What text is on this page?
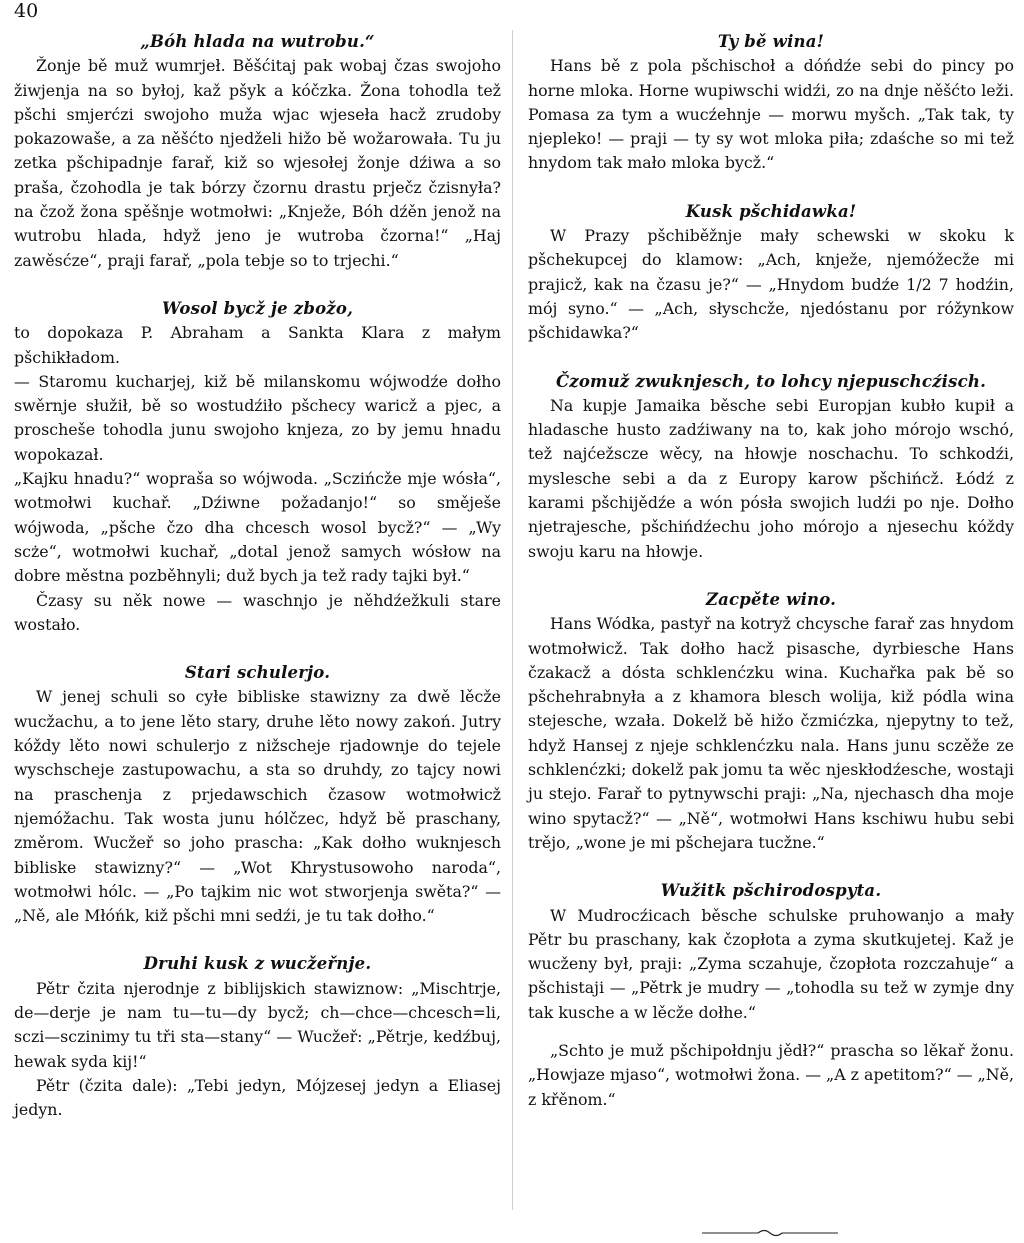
40
„Bóh hlada na wutrobu.“

Žonje bě muž wumrjeł. Běšćitaj pak wobaj čzas swojoho žiwjenja na so byłoj, kaž pšyk a kóčzka. Žona tohodla tež pšchi smjerćzi swojoho muža wjac wjeseła hacž zrudoby pokazowaše, a za něšćto njedželi hižo bě wožarowała. Tu ju zetka pšchipadnje farař, kiž so wjesołej žonje dźiwa a so praša, čzohodla je tak bórzy čzornu drastu prječz čzisnyła? na čzož žona spěšnje wotmołwi: „Knježe, Bóh dźěn jenož na wutrobu hlada, hdyž jeno je wutroba čzorna!“ „Haj zawěsćze“, praji farař, „pola tebje so to trjechi.“

Wosol bycž je zbožo,

to dopokaza P. Abraham a Sankta Klara z małym pšchikładom.

— Staromu kucharjej, kiž bě milanskomu wójwodźe dołho swěrnje słužił, bě so wostudźiło pšchecy waricž a pjec, a proscheše tohodla junu swojoho knjeza, zo by jemu hnadu wopokazał.

„Kajku hnadu?“ wopraša so wójwoda. „Sczińcže mje wósła“, wotmołwi kuchař. „Dźiwne požadanjo!“ so směješe wójwoda, „pšche čzo dha chcesch wosol bycž?“ — „Wy scże“, wotmołwi kuchař, „dotal jenož samych wósłow na dobre městna pozběhnyli; duž bych ja tež rady tajki był.“

Čzasy su něk nowe — waschnjo je něhdźežkuli stare wostało.

Stari schulerjo.

W jenej schuli so cyłe bibliske stawizny za dwě lěcže wucžachu, a to jene lěto stary, druhe lěto nowy zakoń. Jutry kóždy lěto nowi schulerjo z nižscheje rjadownje do tejele wyschscheje zastupowachu, a sta so druhdy, zo tajcy nowi na praschenja z prjedawschich čzasow wotmołwicž njemóžachu. Tak wosta junu hólčzec, hdyž bě praschany, změrom. Wucžeř so joho prascha: „Kak dołho wuknjesch bibliske stawizny?“ — „Wot Khrystusowoho naroda“, wotmołwi hólc. — „Po tajkim nic wot stworjenja swěta?“ — „Ně, ale Młóńk, kiž pšchi mni sedźi, je tu tak dołho.“

Druhi kusk z wucžeřnje.

Pětr čzita njerodnje z biblijskich stawiznow: „Mischtrje, de—derje je nam tu—tu—dy bycž; ch—chce—chcesch=li, sczi—sczinimy tu tři sta—stany“ — Wucžeř: „Pětrje, kedźbuj, hewak syda kij!“

Pětr (čzita dale): „Tebi jedyn, Mójzesej jedyn a Eliasej jedyn.

Ty bě wina!

Hans bě z pola pšchischoł a dóńdźe sebi do pincy po horne mloka. Horne wupiwschi widźi, zo na dnje něšćto leži. Pomasa za tym a wucźehnje — morwu myšch. „Tak tak, ty njepleko! — praji — ty sy wot mloka piła; zdaśche so mi tež hnydom tak mało mloka bycž.“

Kusk pšchidawka!

W Prazy pšchiběžnje mały schewski w skoku k pšchekupcej do klamow: „Ach, knježe, njemóžecže mi prajicž, kak na čzasu je?“ — „Hnydom budźe 1/2 7 hodźin, mój syno.“ — „Ach, słyschcže, njedóstanu por róžynkow pšchidawka?“

Čzomuž zwuknjesch, to lohcy njepuschcźisch.

Na kupje Jamaika běsche sebi Europjan kubło kupił a hladasche husto zadźiwany na to, kak joho mórojo wschó, tež najćežscze wěcy, na hłowje noschachu. To schkodźi, myslesche sebi a da z Europy karow pšchińcž. Łódź z karami pšchijědźe a wón pósła swojich ludźi po nje. Dołho njetrajesche, pšchińdźechu joho mórojo a njesechu kóždy swoju karu na hłowje.

Zacpěte wino.

Hans Wódka, pastyř na kotryž chcysche farař zas hnydom wotmołwicž. Tak dołho hacž pisasche, dyrbiesche Hans čzakacž a dósta schklenćzku wina. Kuchařka pak bě so pšchehrabnyła a z khamora blesch wolija, kiž pódla wina stejesche, wzała. Dokelž bě hižo čzmićzka, njepytny to tež, hdyž Hansej z njeje schklenćzku nala. Hans junu sczěže ze schklenćzki; dokelž pak jomu ta wěc njeskłodźesche, wostaji ju stejo. Farař to pytnywschi praji: „Na, njechasch dha moje wino spytacž?“ — „Ně“, wotmołwi Hans kschiwu hubu sebi trějo, „wone je mi pšchejara tucžne.“

Wužitk pšchirodospyta.

W Mudrocźicach běsche schulske pruhowanjo a mały Pětr bu praschany, kak čzopłota a zyma skutkujetej. Kaž je wucženy był, praji: „Zyma sczahuje, čzopłota rozczahuje“ a pšchistaji — „Pětrk je mudry — „tohodla su tež w zymje dny tak kusche a w lěcže dołhe.“

„Schto je muž pšchipołdnju jědł?“ prascha so lěkař žonu. „Howjaze mjaso“, wotmołwi žona. — „A z apetitom?“ — „Ně, z křěnom.“
